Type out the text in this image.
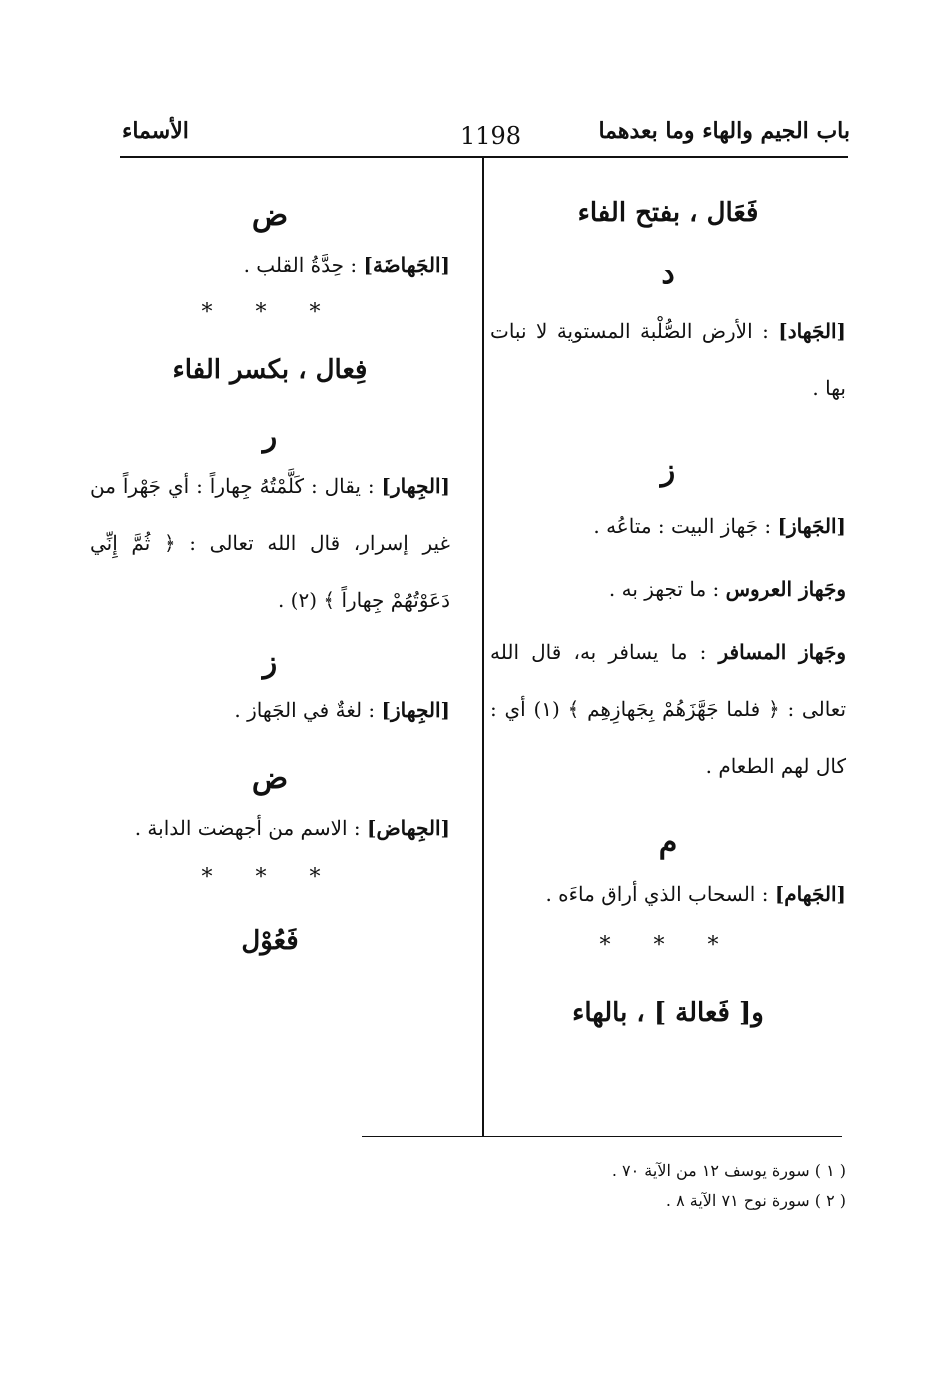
باب الجيم والهاء وما بعدهما
1198
الأسماء

فَعَال ، بفتح الفاء

د

[الجَهاد] : الأرض الصُّلْبة المستوية لا نبات بها .

ز

[الجَهاز] : جَهاز البيت : متاعُه .

وجَهاز العروس : ما تجهز به .

وجَهاز المسافر : ما يسافر به، قال الله تعالى : ﴿ فلما جَهَّزَهُمْ بِجَهازِهِم ﴾ (١) أي : كال لهم الطعام .

م

[الجَهام] : السحاب الذي أراق ماءَه .

* * *

و[ فَعالة ] ، بالهاء

ض

[الجَهاضَة] : حِدَّةُ القلب .

* * *

فِعال ، بكسر الفاء

ر

[الجِهار] : يقال : كَلَّمْتُهُ جِهاراً : أي جَهْراً من غير إسرار، قال الله تعالى : ﴿ ثُمَّ إِنِّي دَعَوْتُهُمْ جِهاراً ﴾ (٢) .

ز

[الجِهاز] : لغةٌ في الجَهاز .

ض

[الجِهاض] : الاسم من أجهضت الدابة .

* * *

فَعُوْل

( ١ ) سورة يوسف ١٢ من الآية ٧٠ .

( ٢ ) سورة نوح ٧١ الآية ٨ .
